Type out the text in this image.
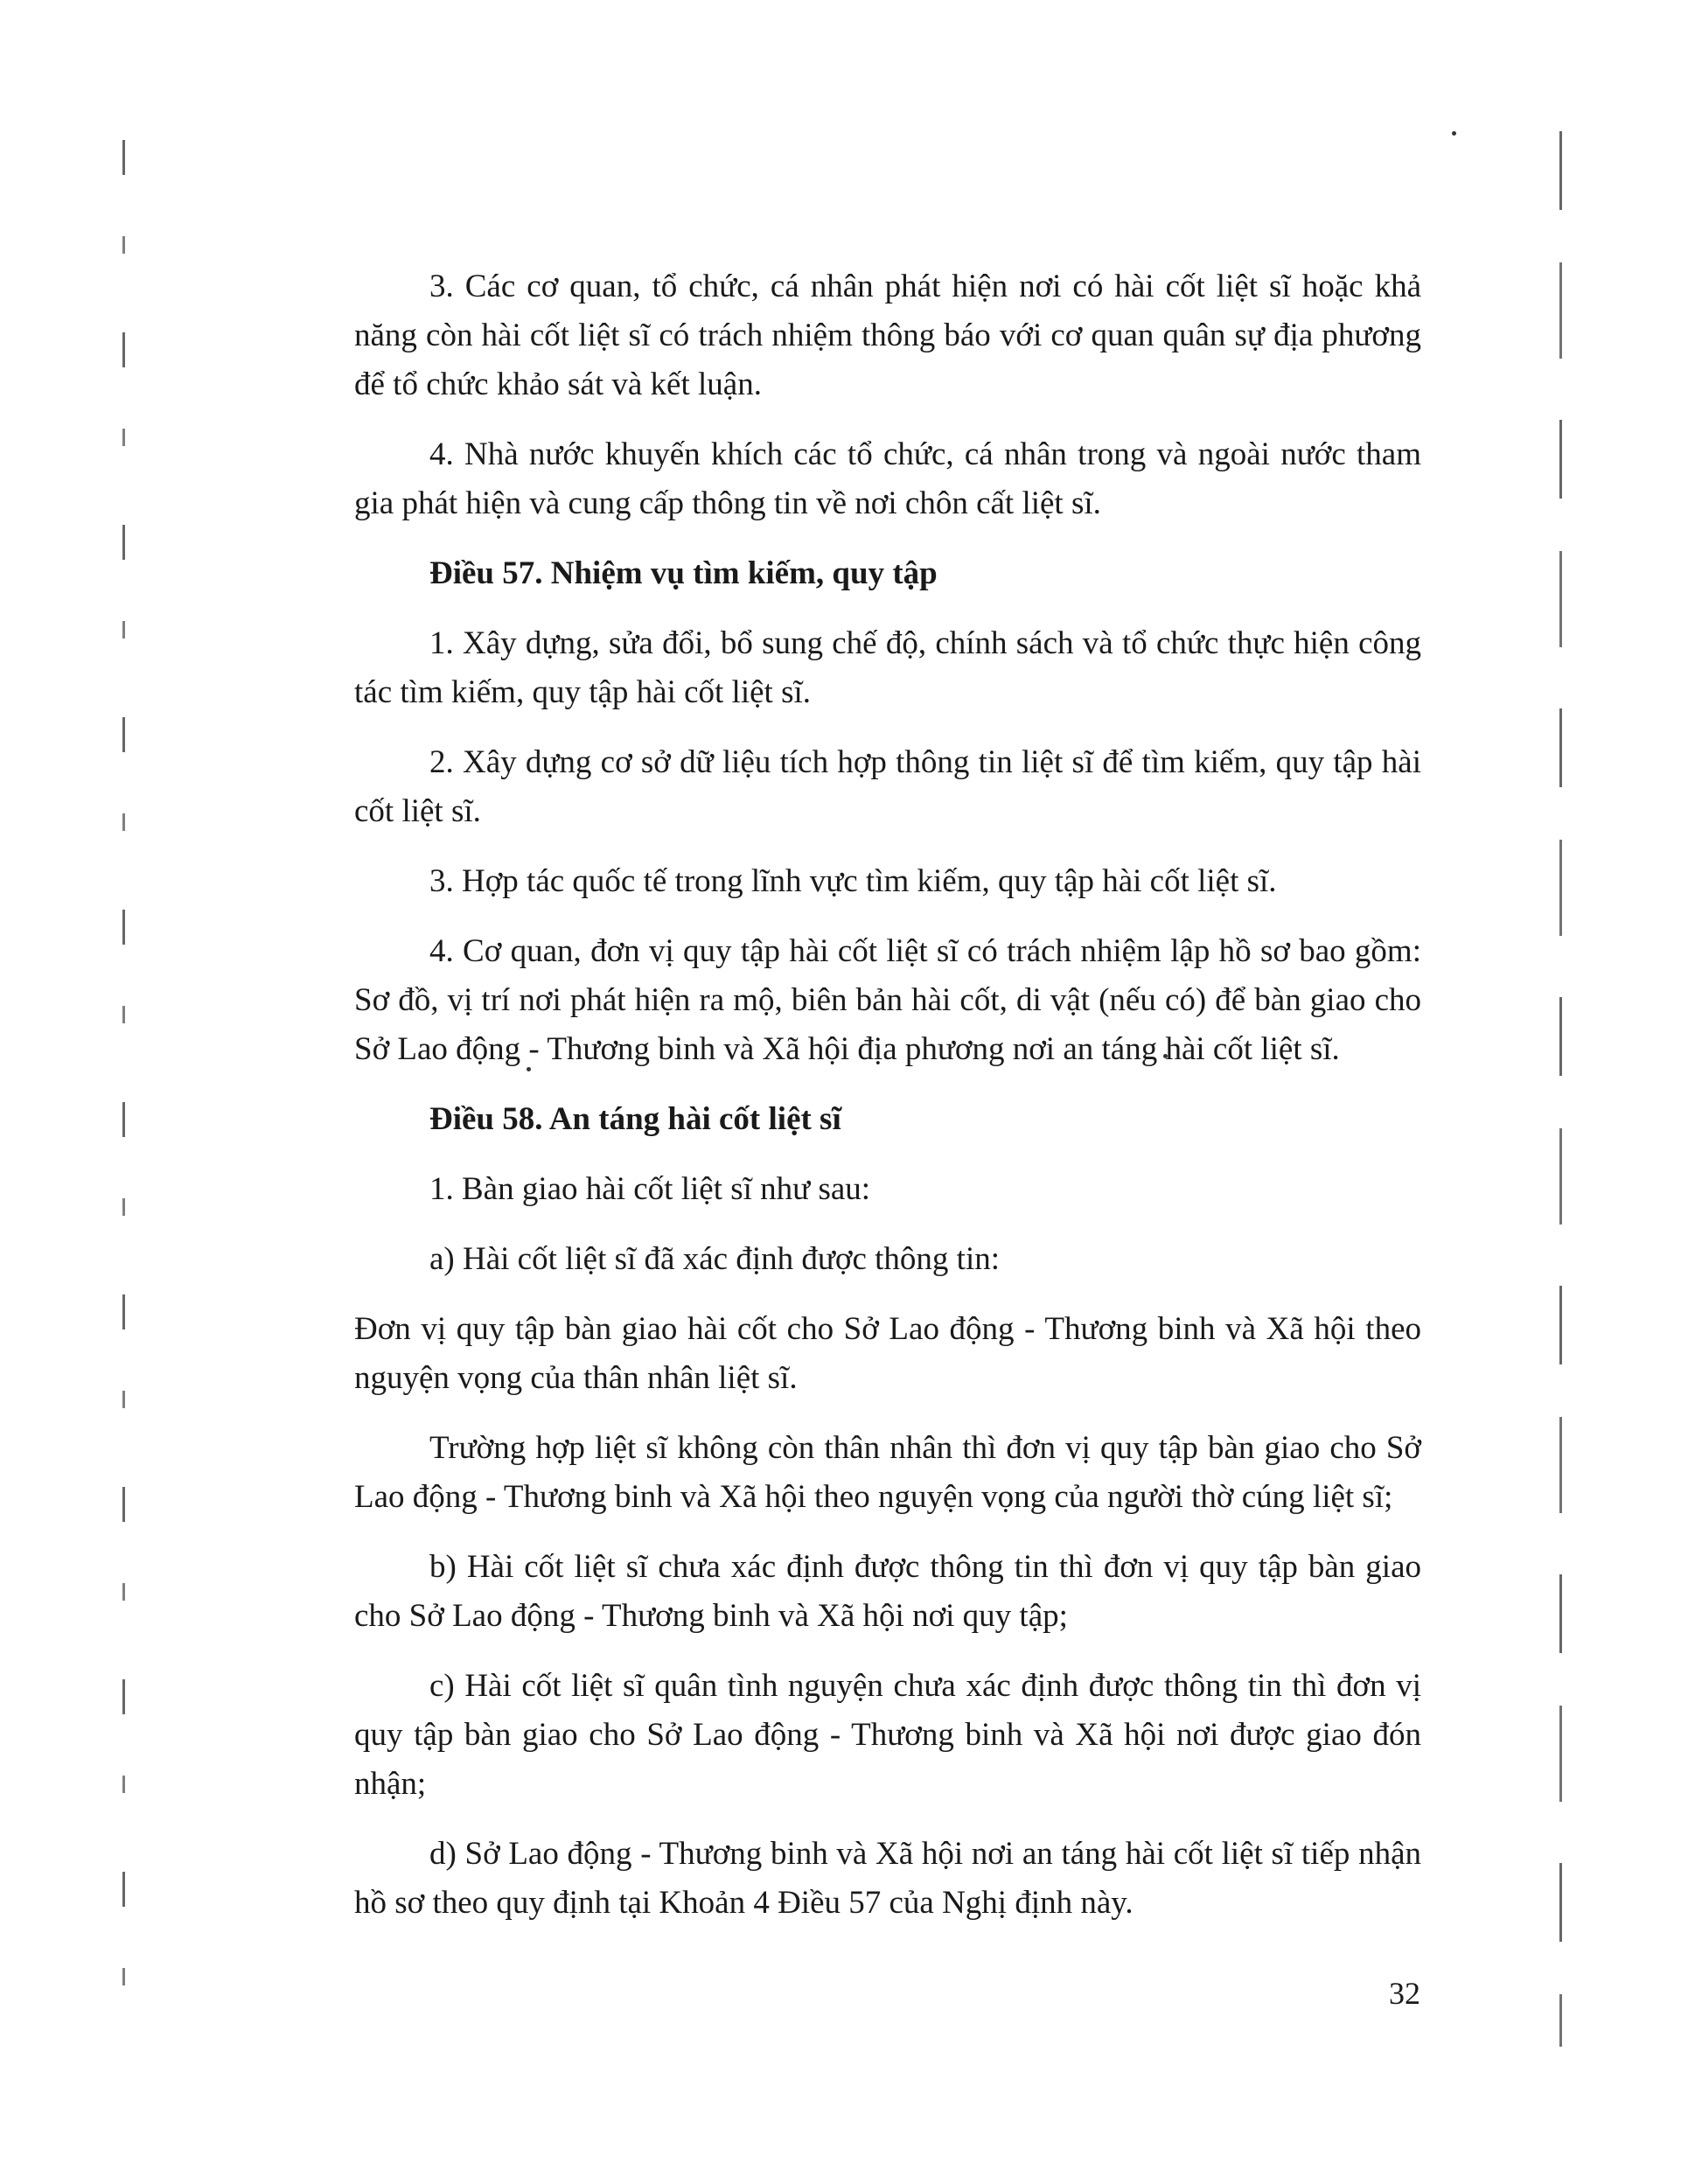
3. Các cơ quan, tổ chức, cá nhân phát hiện nơi có hài cốt liệt sĩ hoặc khả năng còn hài cốt liệt sĩ có trách nhiệm thông báo với cơ quan quân sự địa phương để tổ chức khảo sát và kết luận.

4. Nhà nước khuyến khích các tổ chức, cá nhân trong và ngoài nước tham gia phát hiện và cung cấp thông tin về nơi chôn cất liệt sĩ.

Điều 57. Nhiệm vụ tìm kiếm, quy tập

1. Xây dựng, sửa đổi, bổ sung chế độ, chính sách và tổ chức thực hiện công tác tìm kiếm, quy tập hài cốt liệt sĩ.

2. Xây dựng cơ sở dữ liệu tích hợp thông tin liệt sĩ để tìm kiếm, quy tập hài cốt liệt sĩ.

3. Hợp tác quốc tế trong lĩnh vực tìm kiếm, quy tập hài cốt liệt sĩ.

4. Cơ quan, đơn vị quy tập hài cốt liệt sĩ có trách nhiệm lập hồ sơ bao gồm: Sơ đồ, vị trí nơi phát hiện ra mộ, biên bản hài cốt, di vật (nếu có) để bàn giao cho Sở Lao động - Thương binh và Xã hội địa phương nơi an táng hài cốt liệt sĩ.

Điều 58. An táng hài cốt liệt sĩ

1. Bàn giao hài cốt liệt sĩ như sau:

a) Hài cốt liệt sĩ đã xác định được thông tin:

Đơn vị quy tập bàn giao hài cốt cho Sở Lao động - Thương binh và Xã hội theo nguyện vọng của thân nhân liệt sĩ.

Trường hợp liệt sĩ không còn thân nhân thì đơn vị quy tập bàn giao cho Sở Lao động - Thương binh và Xã hội theo nguyện vọng của người thờ cúng liệt sĩ;

b) Hài cốt liệt sĩ chưa xác định được thông tin thì đơn vị quy tập bàn giao cho Sở Lao động - Thương binh và Xã hội nơi quy tập;

c) Hài cốt liệt sĩ quân tình nguyện chưa xác định được thông tin thì đơn vị quy tập bàn giao cho Sở Lao động - Thương binh và Xã hội nơi được giao đón nhận;

d) Sở Lao động - Thương binh và Xã hội nơi an táng hài cốt liệt sĩ tiếp nhận hồ sơ theo quy định tại Khoản 4 Điều 57 của Nghị định này.

32
